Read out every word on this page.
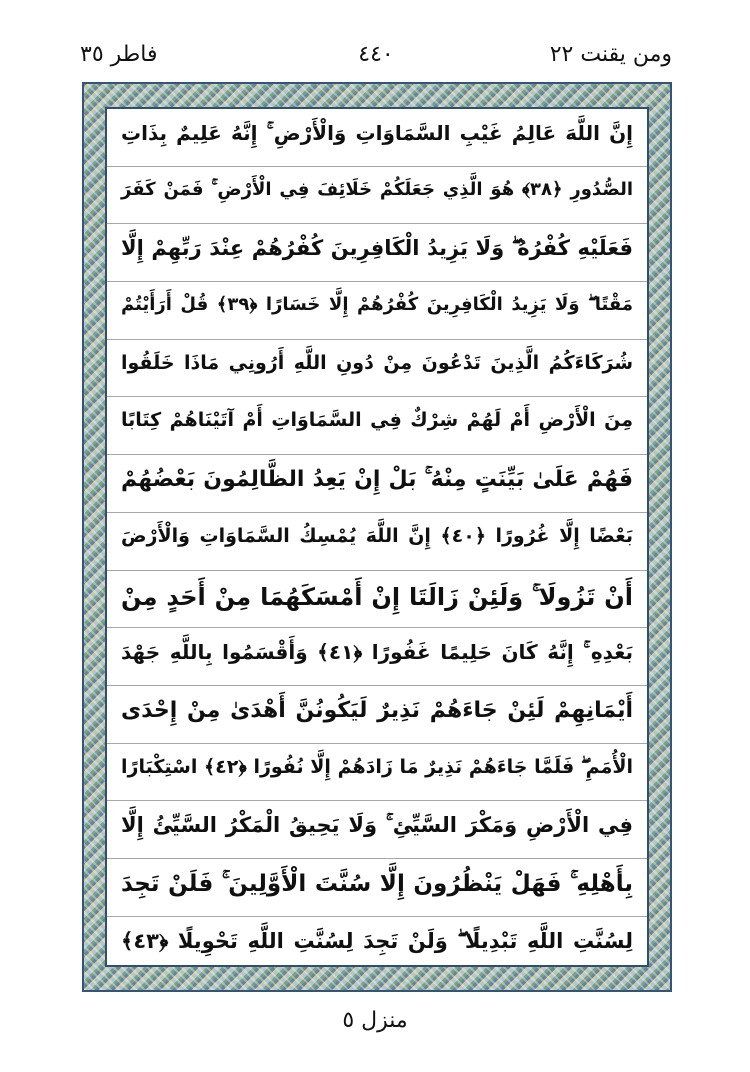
فاطر ٣٥	٤٤٠	ومن يقنت ٢٢
إِنَّ اللَّهَ عَالِمُ غَيْبِ السَّمَاوَاتِ وَالْأَرْضِ ۚ إِنَّهُ عَلِيمٌ بِذَاتِ
الصُّدُورِ ﴿٣٨﴾ هُوَ الَّذِي جَعَلَكُمْ خَلَائِفَ فِي الْأَرْضِ ۚ فَمَنْ كَفَرَ
فَعَلَيْهِ كُفْرُهُ ۖ وَلَا يَزِيدُ الْكَافِرِينَ كُفْرُهُمْ عِنْدَ رَبِّهِمْ إِلَّا
مَقْتًا ۖ وَلَا يَزِيدُ الْكَافِرِينَ كُفْرُهُمْ إِلَّا خَسَارًا ﴿٣٩﴾ قُلْ أَرَأَيْتُمْ
شُرَكَاءَكُمُ الَّذِينَ تَدْعُونَ مِنْ دُونِ اللَّهِ أَرُونِي مَاذَا خَلَقُوا
مِنَ الْأَرْضِ أَمْ لَهُمْ شِرْكٌ فِي السَّمَاوَاتِ أَمْ آتَيْنَاهُمْ كِتَابًا
فَهُمْ عَلَىٰ بَيِّنَتٍ مِنْهُ ۚ بَلْ إِنْ يَعِدُ الظَّالِمُونَ بَعْضُهُمْ
بَعْضًا إِلَّا غُرُورًا ﴿٤٠﴾ إِنَّ اللَّهَ يُمْسِكُ السَّمَاوَاتِ وَالْأَرْضَ
أَنْ تَزُولَا ۚ وَلَئِنْ زَالَتَا إِنْ أَمْسَكَهُمَا مِنْ أَحَدٍ مِنْ
بَعْدِهِ ۚ إِنَّهُ كَانَ حَلِيمًا غَفُورًا ﴿٤١﴾ وَأَقْسَمُوا بِاللَّهِ جَهْدَ
أَيْمَانِهِمْ لَئِنْ جَاءَهُمْ نَذِيرٌ لَيَكُونُنَّ أَهْدَىٰ مِنْ إِحْدَى
الْأُمَمِ ۖ فَلَمَّا جَاءَهُمْ نَذِيرٌ مَا زَادَهُمْ إِلَّا نُفُورًا ﴿٤٢﴾ اسْتِكْبَارًا
فِي الْأَرْضِ وَمَكْرَ السَّيِّئِ ۚ وَلَا يَحِيقُ الْمَكْرُ السَّيِّئُ إِلَّا
بِأَهْلِهِ ۚ فَهَلْ يَنْظُرُونَ إِلَّا سُنَّتَ الْأَوَّلِينَ ۚ فَلَنْ تَجِدَ
لِسُنَّتِ اللَّهِ تَبْدِيلًا ۖ وَلَنْ تَجِدَ لِسُنَّتِ اللَّهِ تَحْوِيلًا ﴿٤٣﴾
منزل ٥
